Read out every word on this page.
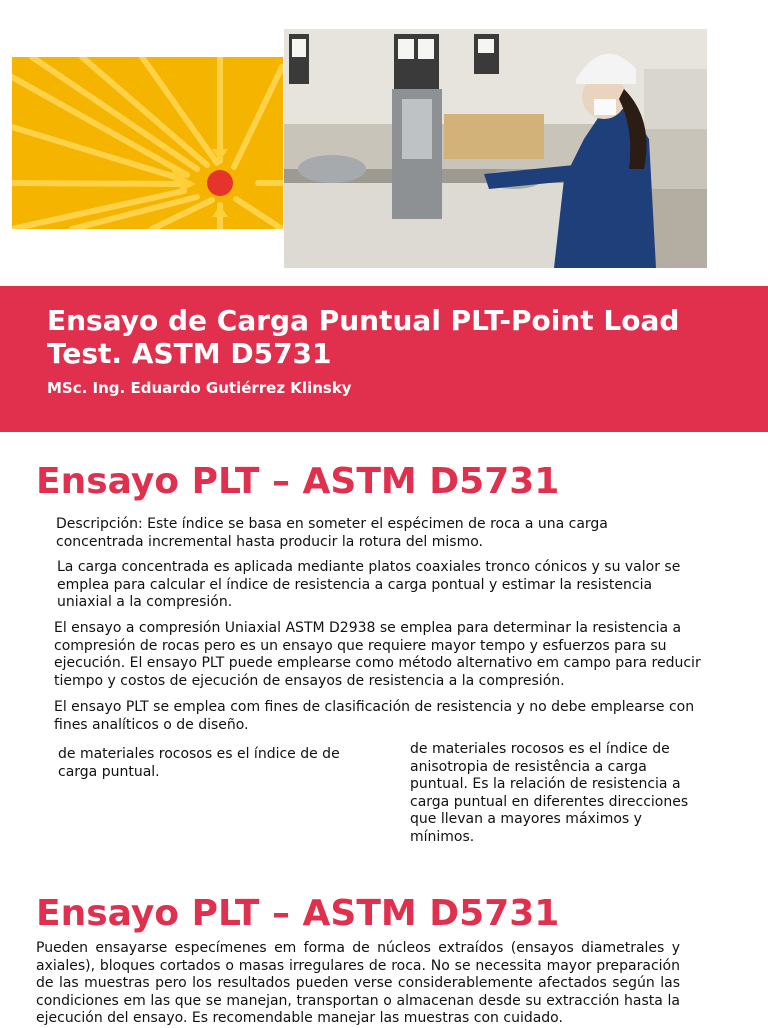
Ensayo de Carga Puntual PLT-Point Load Test. ASTM D5731
MSc. Ing. Eduardo Gutiérrez Klinsky
Ensayo PLT – ASTM D5731
Descripción: Este índice se basa en someter el espécimen de roca a una carga concentrada incremental hasta producir la rotura del mismo.
La carga concentrada es aplicada mediante platos coaxiales tronco cónicos y su valor se emplea para calcular el índice de resistencia a carga pontual y estimar la resistencia uniaxial a la compresión.
El ensayo a compresión Uniaxial ASTM D2938 se emplea para determinar la resistencia a compresión de rocas pero es un ensayo que requiere mayor tempo y esfuerzos para su ejecución. El ensayo PLT puede emplearse como método alternativo em campo para reducir tiempo y costos de ejecución de ensayos de resistencia a la compresión.
El ensayo PLT se emplea com fines de clasificación de resistencia y no debe emplearse con fines analíticos o de diseño.
de materiales rocosos es el índice de de carga puntual.
de materiales rocosos es el índice de anisotropia de resistência a carga puntual. Es la relación de resistencia a carga puntual en diferentes direcciones que llevan a mayores máximos y mínimos.
Ensayo PLT – ASTM D5731
Pueden ensayarse especímenes em forma de núcleos extraídos (ensayos diametrales y axiales), bloques cortados o masas irregulares de roca. No se necessita mayor preparación de las muestras pero los resultados pueden verse considerablemente afectados según las condiciones em las que se manejan, transportan o almacenan desde su extracción hasta la ejecución del ensayo. Es recomendable manejar las muestras con cuidado.
